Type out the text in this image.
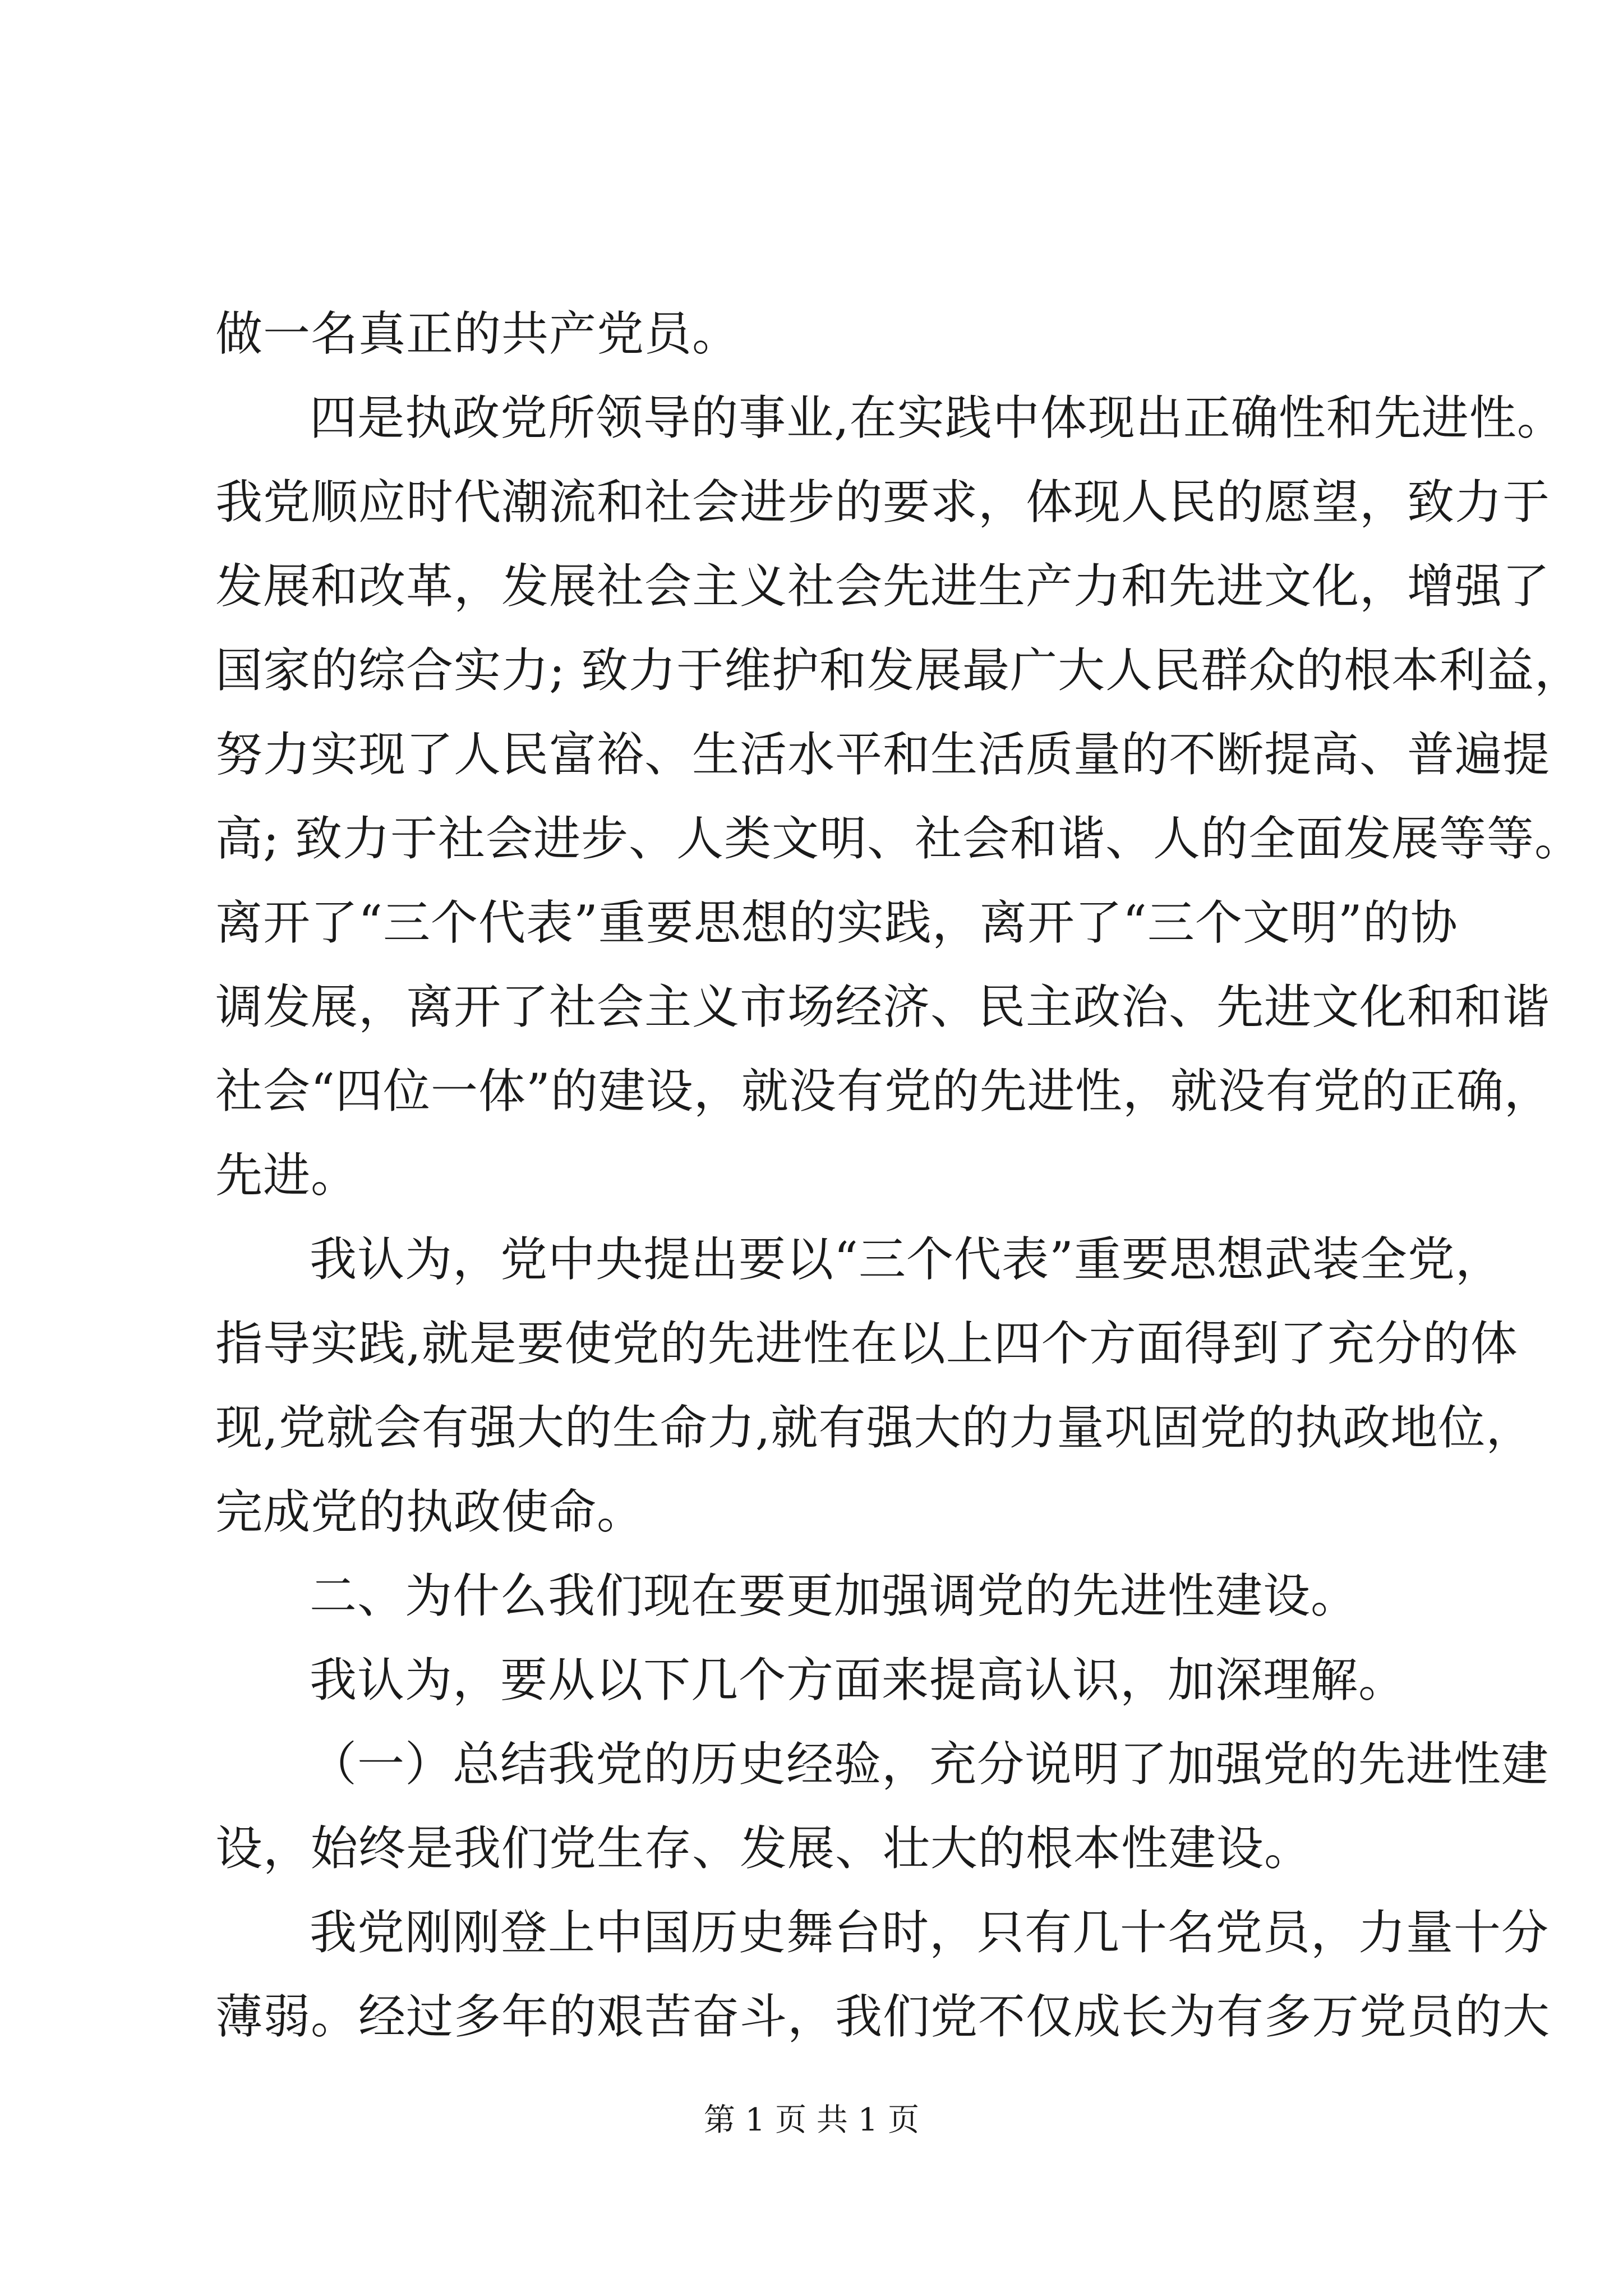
做一名真正的共产党员。
四是执政党所领导的事业,在实践中体现出正确性和先进性。
我党顺应时代潮流和社会进步的要求，体现人民的愿望，致力于
发展和改革，发展社会主义社会先进生产力和先进文化，增强了
国家的综合实力; 致力于维护和发展最广大人民群众的根本利益，
努力实现了人民富裕、生活水平和生活质量的不断提高、普遍提
高; 致力于社会进步、人类文明、社会和谐、人的全面发展等等。
离开了“三个代表”重要思想的实践，离开了“三个文明”的协
调发展，离开了社会主义市场经济、民主政治、先进文化和和谐
社会“四位一体”的建设，就没有党的先进性，就没有党的正确，
先进。
我认为，党中央提出要以“三个代表”重要思想武装全党，
指导实践,就是要使党的先进性在以上四个方面得到了充分的体
现,党就会有强大的生命力,就有强大的力量巩固党的执政地位，
完成党的执政使命。
二、为什么我们现在要更加强调党的先进性建设。
我认为，要从以下几个方面来提高认识，加深理解。
（一）总结我党的历史经验，充分说明了加强党的先进性建
设，始终是我们党生存、发展、壮大的根本性建设。
我党刚刚登上中国历史舞台时，只有几十名党员，力量十分
薄弱。经过多年的艰苦奋斗，我们党不仅成长为有多万党员的大
第 1 页 共 1 页
